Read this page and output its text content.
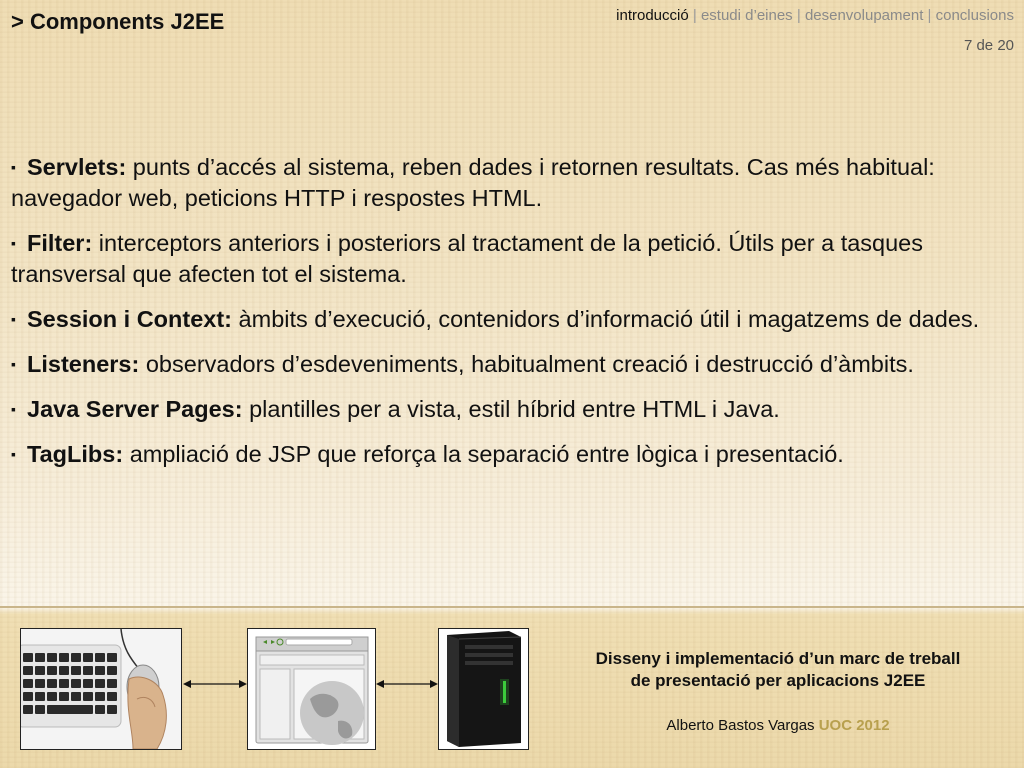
> Components J2EE	introducció | estudi d’eines | desenvolupament | conclusions
7 de 20
▪ Servlets: punts d’accés al sistema, reben dades i retornen resultats. Cas més habitual: navegador web, peticions HTTP i respostes HTML.
▪ Filter: interceptors anteriors i posteriors al tractament de la petició. Útils per a tasques transversal que afecten tot el sistema.
▪ Session i Context: àmbits d’execució, contenidors d’informació útil i magatzems de dades.
▪ Listeners: observadors d’esdeveniments, habitualment creació i destrucció d’àmbits.
▪ Java Server Pages: plantilles per a vista, estil híbrid entre HTML i Java.
▪ TagLibs: ampliació de JSP que reforça la separació entre lògica i presentació.
Disseny i implementació d’un marc de treball
de presentació per aplicacions J2EE
Alberto Bastos Vargas UOC 2012
